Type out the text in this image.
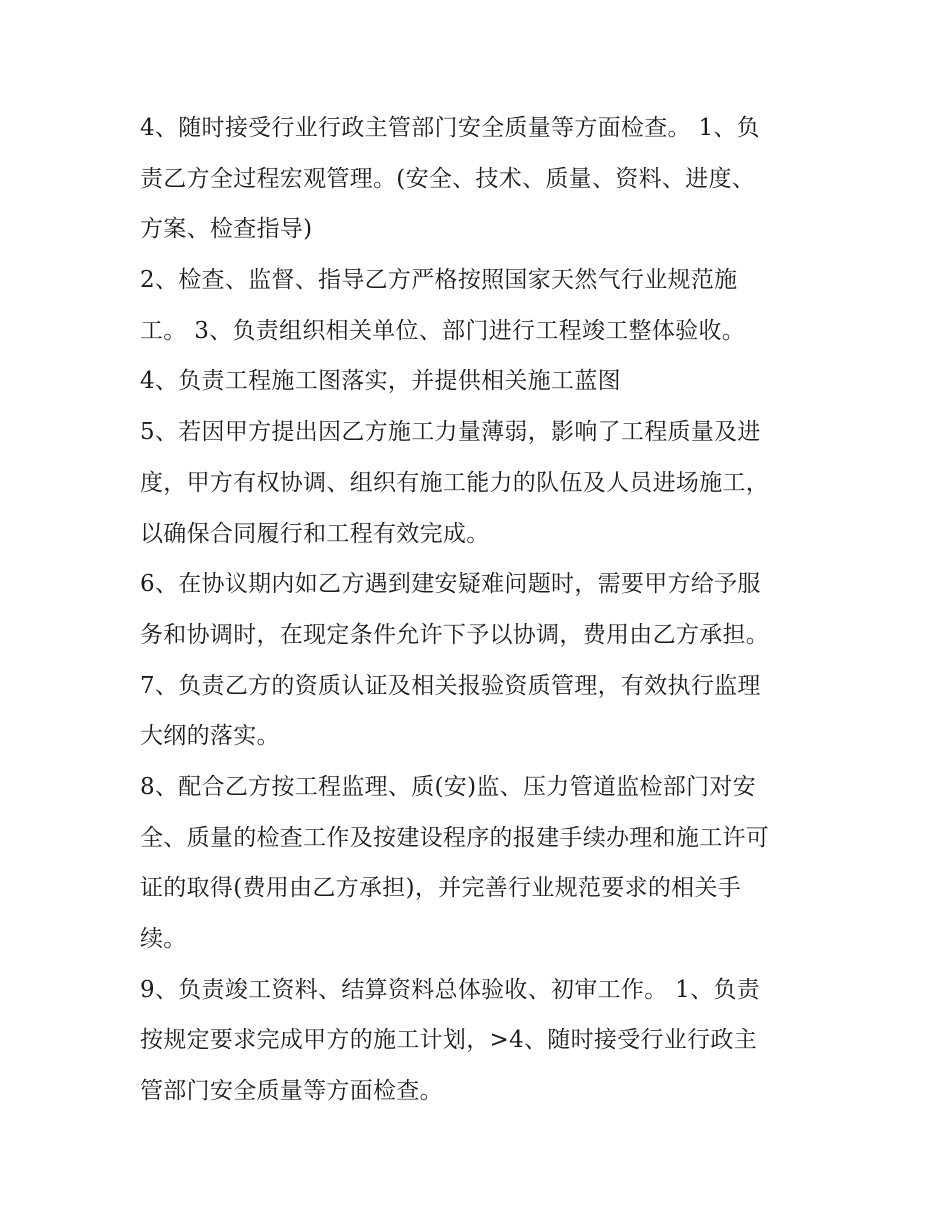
4、随时接受行业行政主管部门安全质量等方面检查。 1、负
责乙方全过程宏观管理。(安全、技术、质量、资料、进度、
方案、检查指导)
2、检查、监督、指导乙方严格按照国家天然气行业规范施
工。 3、负责组织相关单位、部门进行工程竣工整体验收。
4、负责工程施工图落实，并提供相关施工蓝图
5、若因甲方提出因乙方施工力量薄弱，影响了工程质量及进
度，甲方有权协调、组织有施工能力的队伍及人员进场施工，
以确保合同履行和工程有效完成。
6、在协议期内如乙方遇到建安疑难问题时，需要甲方给予服
务和协调时，在现定条件允许下予以协调，费用由乙方承担。
7、负责乙方的资质认证及相关报验资质管理，有效执行监理
大纲的落实。
8、配合乙方按工程监理、质(安)监、压力管道监检部门对安
全、质量的检查工作及按建设程序的报建手续办理和施工许可
证的取得(费用由乙方承担)，并完善行业规范要求的相关手
续。
9、负责竣工资料、结算资料总体验收、初审工作。 1、负责
按规定要求完成甲方的施工计划，>4、随时接受行业行政主
管部门安全质量等方面检查。
